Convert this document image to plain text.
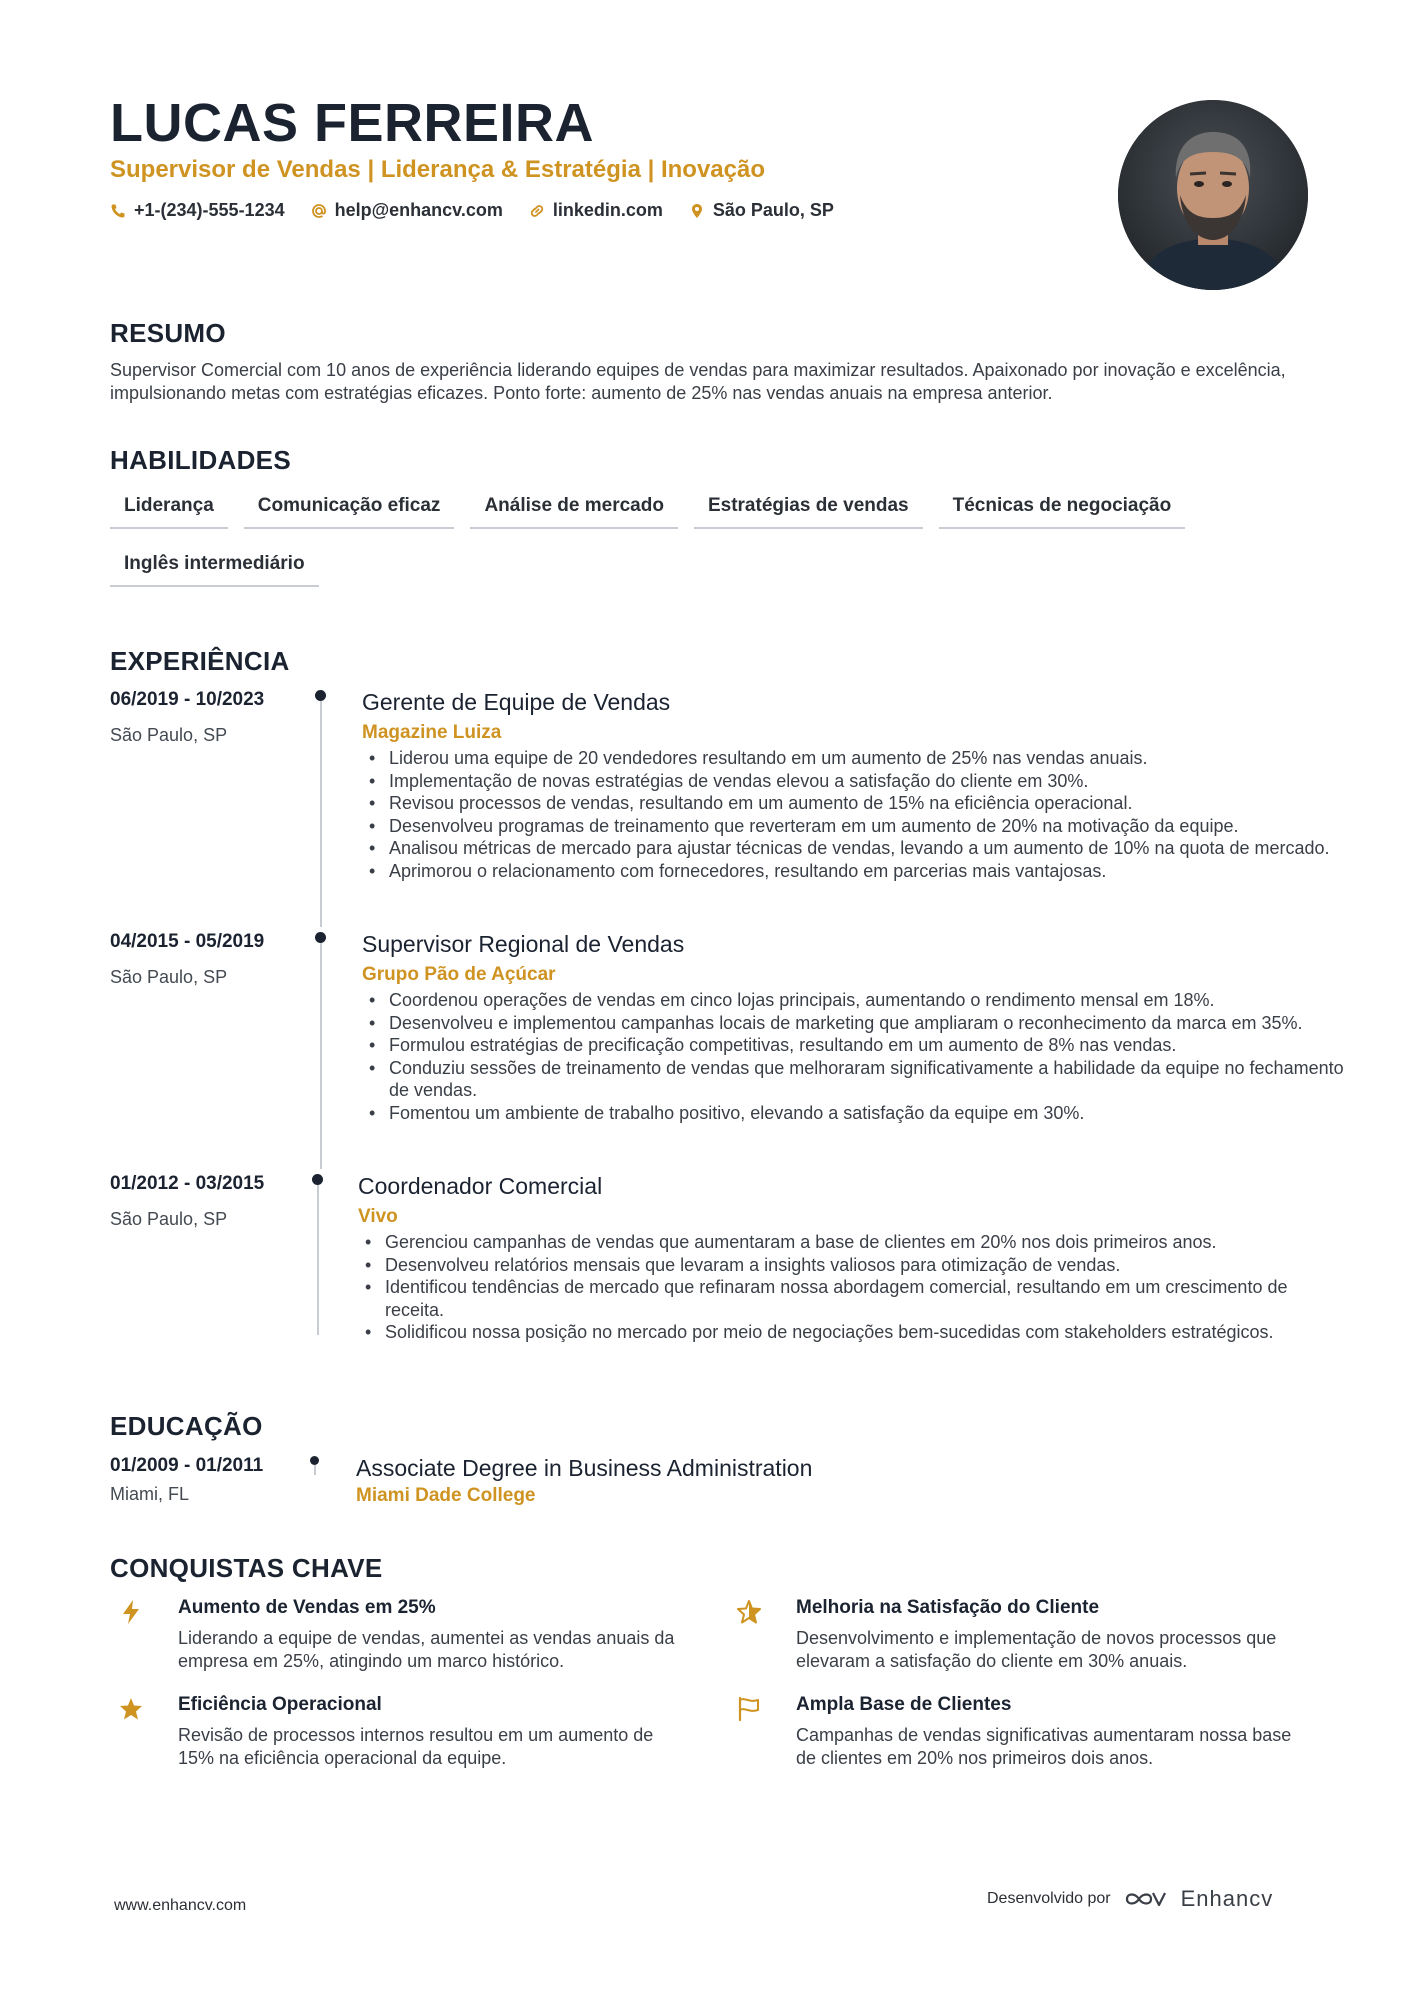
LUCAS FERREIRA
Supervisor de Vendas | Liderança & Estratégia | Inovação
+1-(234)-555-1234	help@enhancv.com	linkedin.com	São Paulo, SP
RESUMO
Supervisor Comercial com 10 anos de experiência liderando equipes de vendas para maximizar resultados. Apaixonado por inovação e excelência, impulsionando metas com estratégias eficazes. Ponto forte: aumento de 25% nas vendas anuais na empresa anterior.
HABILIDADES
Liderança	Comunicação eficaz	Análise de mercado	Estratégias de vendas	Técnicas de negociação
Inglês intermediário
EXPERIÊNCIA
06/2019 - 10/2023
São Paulo, SP
Gerente de Equipe de Vendas
Magazine Luiza
• Liderou uma equipe de 20 vendedores resultando em um aumento de 25% nas vendas anuais.
• Implementação de novas estratégias de vendas elevou a satisfação do cliente em 30%.
• Revisou processos de vendas, resultando em um aumento de 15% na eficiência operacional.
• Desenvolveu programas de treinamento que reverteram em um aumento de 20% na motivação da equipe.
• Analisou métricas de mercado para ajustar técnicas de vendas, levando a um aumento de 10% na quota de mercado.
• Aprimorou o relacionamento com fornecedores, resultando em parcerias mais vantajosas.
04/2015 - 05/2019
São Paulo, SP
Supervisor Regional de Vendas
Grupo Pão de Açúcar
• Coordenou operações de vendas em cinco lojas principais, aumentando o rendimento mensal em 18%.
• Desenvolveu e implementou campanhas locais de marketing que ampliaram o reconhecimento da marca em 35%.
• Formulou estratégias de precificação competitivas, resultando em um aumento de 8% nas vendas.
• Conduziu sessões de treinamento de vendas que melhoraram significativamente a habilidade da equipe no fechamento de vendas.
• Fomentou um ambiente de trabalho positivo, elevando a satisfação da equipe em 30%.
01/2012 - 03/2015
São Paulo, SP
Coordenador Comercial
Vivo
• Gerenciou campanhas de vendas que aumentaram a base de clientes em 20% nos dois primeiros anos.
• Desenvolveu relatórios mensais que levaram a insights valiosos para otimização de vendas.
• Identificou tendências de mercado que refinaram nossa abordagem comercial, resultando em um crescimento de receita.
• Solidificou nossa posição no mercado por meio de negociações bem-sucedidas com stakeholders estratégicos.
EDUCAÇÃO
01/2009 - 01/2011
Miami, FL
Associate Degree in Business Administration
Miami Dade College
CONQUISTAS CHAVE
Aumento de Vendas em 25%
Liderando a equipe de vendas, aumentei as vendas anuais da empresa em 25%, atingindo um marco histórico.
Melhoria na Satisfação do Cliente
Desenvolvimento e implementação de novos processos que elevaram a satisfação do cliente em 30% anuais.
Eficiência Operacional
Revisão de processos internos resultou em um aumento de 15% na eficiência operacional da equipe.
Ampla Base de Clientes
Campanhas de vendas significativas aumentaram nossa base de clientes em 20% nos primeiros dois anos.
www.enhancv.com	Desenvolvido por	Enhancv
